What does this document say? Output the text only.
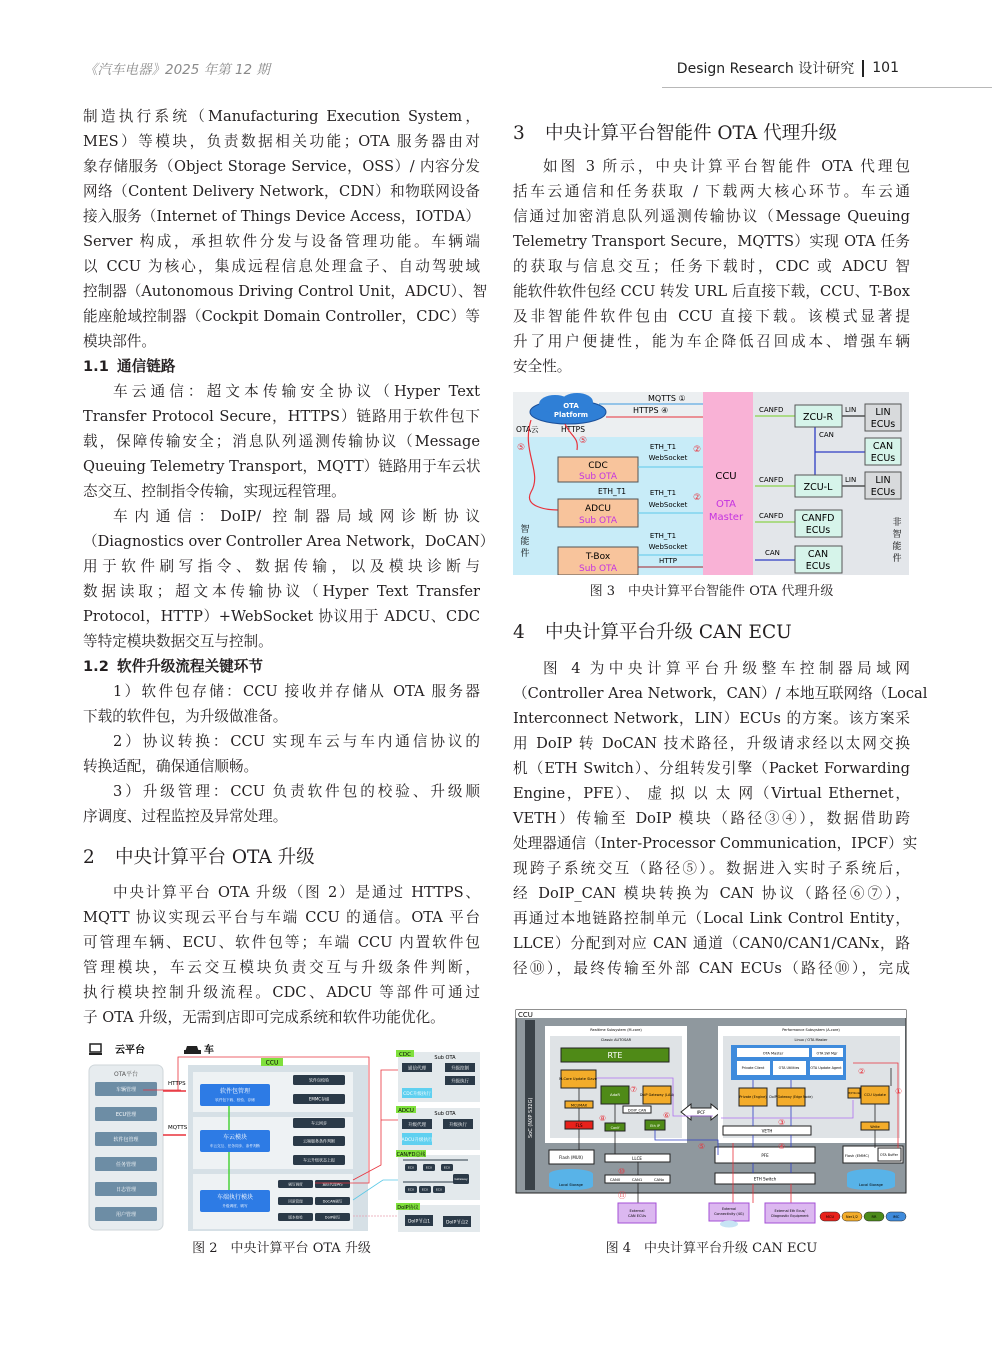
《汽车电器》2025 年第 12 期	Design Research 设计研究 101
制造执行系统（Manufacturing Execution System，
MES）等模块，负责数据相关功能；OTA 服务器由对
象存储服务（Object Storage Service，OSS）/ 内容分发
网络（Content Delivery Network，CDN）和物联网设备
接入服务（Internet of Things Device Access，IOTDA）
Server 构成，承担软件分发与设备管理功能。车辆端
以 CCU 为核心，集成远程信息处理盒子、自动驾驶域
控制器（Autonomous Driving Control Unit，ADCU）、智
能座舱域控制器（Cockpit Domain Controller，CDC）等
模块部件。
1.1 通信链路
车云通信：超文本传输安全协议（Hyper Text
Transfer Protocol Secure，HTTPS）链路用于软件包下
载，保障传输安全；消息队列遥测传输协议（Message
Queuing Telemetry Transport，MQTT）链路用于车云状
态交互、控制指令传输，实现远程管理。
车内通信：DoIP/ 控制器局域网诊断协议
（Diagnostics over Controller Area Network，DoCAN）
用于软件刷写指令、数据传输，以及模块诊断与
数据读取；超文本传输协议（Hyper Text Transfer
Protocol，HTTP）+WebSocket 协议用于 ADCU、CDC
等特定模块数据交互与控制。
1.2 软件升级流程关键环节
1）软件包存储：CCU 接收并存储从 OTA 服务器
下载的软件包，为升级做准备。
2）协议转换：CCU 实现车云与车内通信协议的
转换适配，确保通信顺畅。
3）升级管理：CCU 负责软件包的校验、升级顺
序调度、过程监控及异常处理。
2 中央计算平台 OTA 升级
中央计算平台 OTA 升级（图 2）是通过 HTTPS、
MQTT 协议实现云平台与车端 CCU 的通信。OTA 平台
可管理车辆、ECU、软件包等；车端 CCU 内置软件包
管理模块，车云交互模块负责交互与升级条件判断，
执行模块控制升级流程。CDC、ADCU 等部件可通过
子 OTA 升级，无需到店即可完成系统和软件功能优化。
3 中央计算平台智能件 OTA 代理升级
如图 3 所示，中央计算平台智能件 OTA 代理包
括车云通信和任务获取 / 下载两大核心环节。车云通
信通过加密消息队列遥测传输协议（Message Queuing
Telemetry Transport Secure，MQTTS）实现 OTA 任务
的获取与信息交互；任务下载时，CDC 或 ADCU 智
能软件软件包经 CCU 转发 URL 后直接下载，CCU、T-Box
及非智能件软件包由 CCU 直接下载。该模式显著提
升了用户便捷性，能为车企降低召回成本、增强车辆
安全性。
4 中央计算平台升级 CAN ECU
图 4 为中央计算平台升级整车控制器局域网
（Controller Area Network，CAN）/ 本地互联网络（Local
Interconnect Network，LIN）ECUs 的方案。该方案采
用 DoIP 转 DoCAN 技术路径，升级请求经以太网交换
机（ETH Switch）、分组转发引擎（Packet Forwarding
Engine，PFE）、 虚 拟 以 太 网（Virtual Ethernet，
VETH）传输至 DoIP 模块（路径③④），数据借助跨
处理器通信（Inter-Processor Communication，IPCF）实
现跨子系统交互（路径⑤）。数据进入实时子系统后，
经 DoIP_CAN 模块转换为 CAN 协议（路径⑥⑦），
再通过本地链路控制单元（Local Link Control Entity，
LLCE）分配到对应 CAN 通道（CAN0/CAN1/CANx，路
径⑩），最终传输至外部 CAN ECUs（路径⑩），完成
OTA
Platform
MQTTS ①
HTTPS ④
OTA云	HTTPS
⑤
⑤
CDC
Sub OTA
ETH_T1
ADCU
Sub OTA
T-Box
Sub OTA
ETH_T1
WebSocket
ETH_T1
WebSocket
ETH_T1
WebSocket
HTTP
②
②
CCU
OTA
Master
智
能
件
非
智
能
件
CANFD
CANFD
CANFD
CAN
CAN
LIN
LIN
ZCU-R
ZCU-L
LIN
ECUs
CAN
ECUs
LIN
ECUs
CANFD
ECUs
CAN
ECUs
图 3　中央计算平台智能件 OTA 代理升级
云平台	车
OTA平台
车辆管理
ECU管理
软件包管理
任务管理
日志管理
用户管理
CCU
软件包管理
软件包下载、校验、存储
车云模块
车云交互、任务同步、条件判断
车端执行模块
升级调度、刷写
软件包校验
EMMC存储
车云同步
云端服务条件判断
车云升级状态上报
刷写调度	通信代理WS
回滚管理	DoCAN刷写
版本校验	DoIP刷写
HTTPS
MQTTS
CDC	Sub OTA
通信代理	升级控制
升级执行
CDC升级执行
ADCU	Sub OTA
升级代理	升级执行
ADCU升级执行
CAN/FD总线
ECU	ECU	ECU
ECU	ECU	ECU
Gateway
DoIP协议
DoIP节点1	DoIP节点2
图 2　中央计算平台 OTA 升级
CCU
SoC (NXP S32G)
Realtime Subsystem (M-core)
Classic AUTOSAR
RTE
M-Core Update Slave
MCUMAX
FLS
AdaR	DoIP Gateway (LAN)
DOIP_CAN
CanIf	Eth IP
IPCF
Performance Subsystem (A-core)
Linux / OTA Master
OTA Master	OTA SW Mgr
Private Client	OTA Utilities	OTA Update Agent
Private (Engine) DoIP Gateway (Edge Node)
M/P Node CCU Update
Write
VETH
PFE
ETH Switch
LLCE
CAN0	CAN1	CANx
Flash (MUX)
Local Storage
Flash (EMMC)	OTA Buffer
Local Storage
External
CAN ECUs
External
Connectivity (4G)
External Eth Ecus/
Diagnostic Equipment	MCU	Ner1/2	RR	IMC
①
②
③
④
⑤
⑥
⑦
⑧
⑩
⑪
图 4　中央计算平台升级 CAN ECU
